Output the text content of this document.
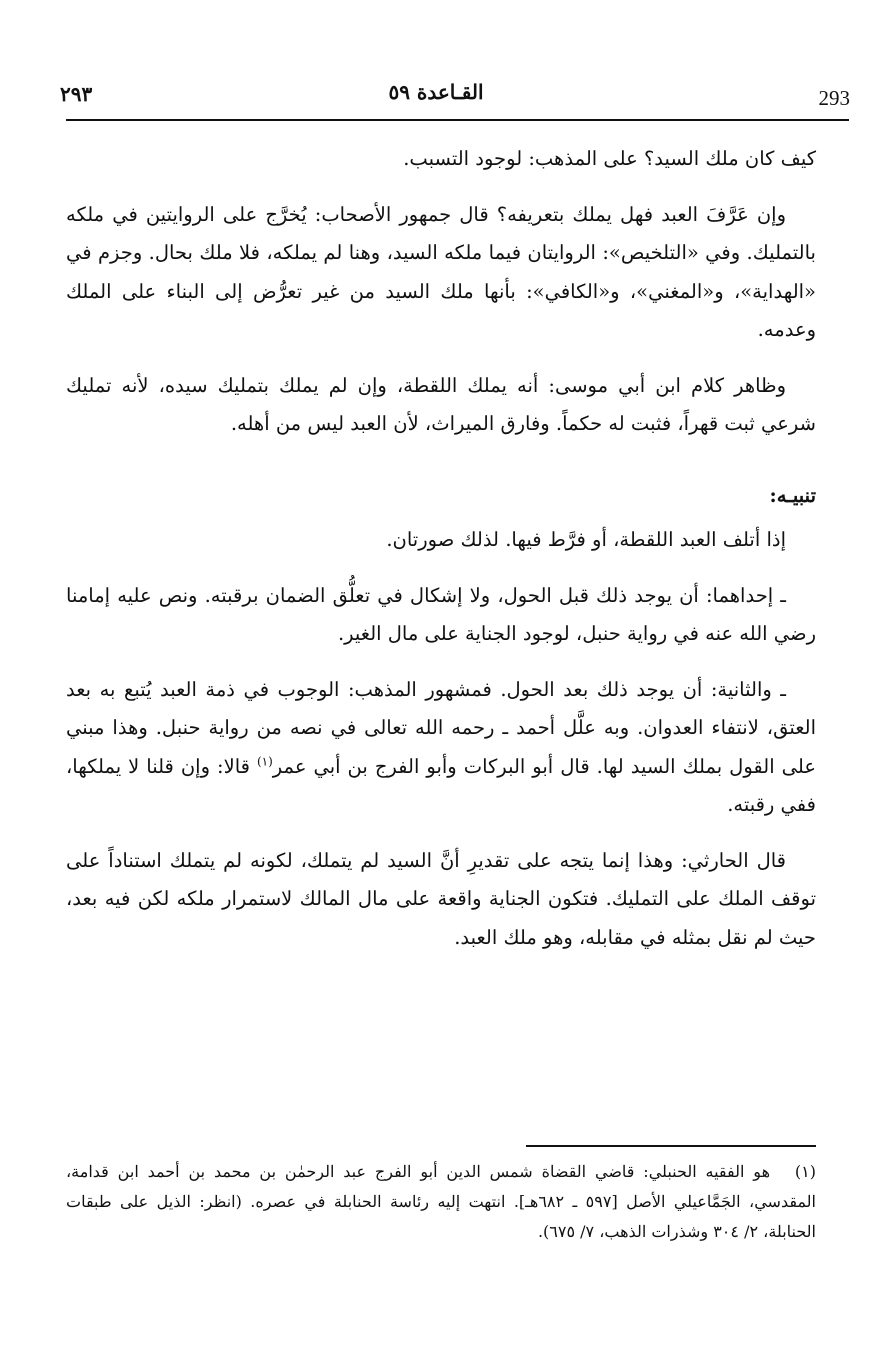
293
القـاعدة ٥٩
٢٩٣

كيف كان ملك السيد؟ على المذهب: لوجود التسبب.

وإن عَرَّفَ العبد فهل يملك بتعريفه؟ قال جمهور الأصحاب: يُخرَّج على الروايتين في ملكه بالتمليك. وفي «التلخيص»: الروايتان فيما ملكه السيد، وهنا لم يملكه، فلا ملك بحال. وجزم في «الهداية»، و«المغني»، و«الكافي»: بأنها ملك السيد من غير تعرُّض إلى البناء على الملك وعدمه.

وظاهر كلام ابن أبي موسى: أنه يملك اللقطة، وإن لم يملك بتمليك سيده، لأنه تمليك شرعي ثبت قهراً، فثبت له حكماً. وفارق الميراث، لأن العبد ليس من أهله.

تنبيـه:

إذا أتلف العبد اللقطة، أو فرَّط فيها. لذلك صورتان.

ـ إحداهما: أن يوجد ذلك قبل الحول، ولا إشكال في تعلُّق الضمان برقبته. ونص عليه إمامنا رضي الله عنه في رواية حنبل، لوجود الجناية على مال الغير.

ـ والثانية: أن يوجد ذلك بعد الحول. فمشهور المذهب: الوجوب في ذمة العبد يُتبع به بعد العتق، لانتفاء العدوان. وبه علَّل أحمد ـ رحمه الله تعالى في نصه من رواية حنبل. وهذا مبني على القول بملك السيد لها. قال أبو البركات وأبو الفرج بن أبي عمر$^{(١)}$ قالا: وإن قلنا لا يملكها، ففي رقبته.

قال الحارثي: وهذا إنما يتجه على تقديرِ أنَّ السيد لم يتملك، لكونه لم يتملك استناداً على توقف الملك على التمليك. فتكون الجناية واقعة على مال المالك لاستمرار ملكه لكن فيه بعد، حيث لم نقل بمثله في مقابله، وهو ملك العبد.

(١)هو الفقيه الحنبلي: قاضي القضاة شمس الدين أبو الفرج عبد الرحمٰن بن محمد بن أحمد ابن قدامة، المقدسي، الجَمَّاعيلي الأصل [٥٩٧ ـ ٦٨٢هـ]. انتهت إليه رئاسة الحنابلة في عصره. (انظر: الذيل على طبقات الحنابلة، ٢/ ٣٠٤ وشذرات الذهب، ٧/ ٦٧٥).
